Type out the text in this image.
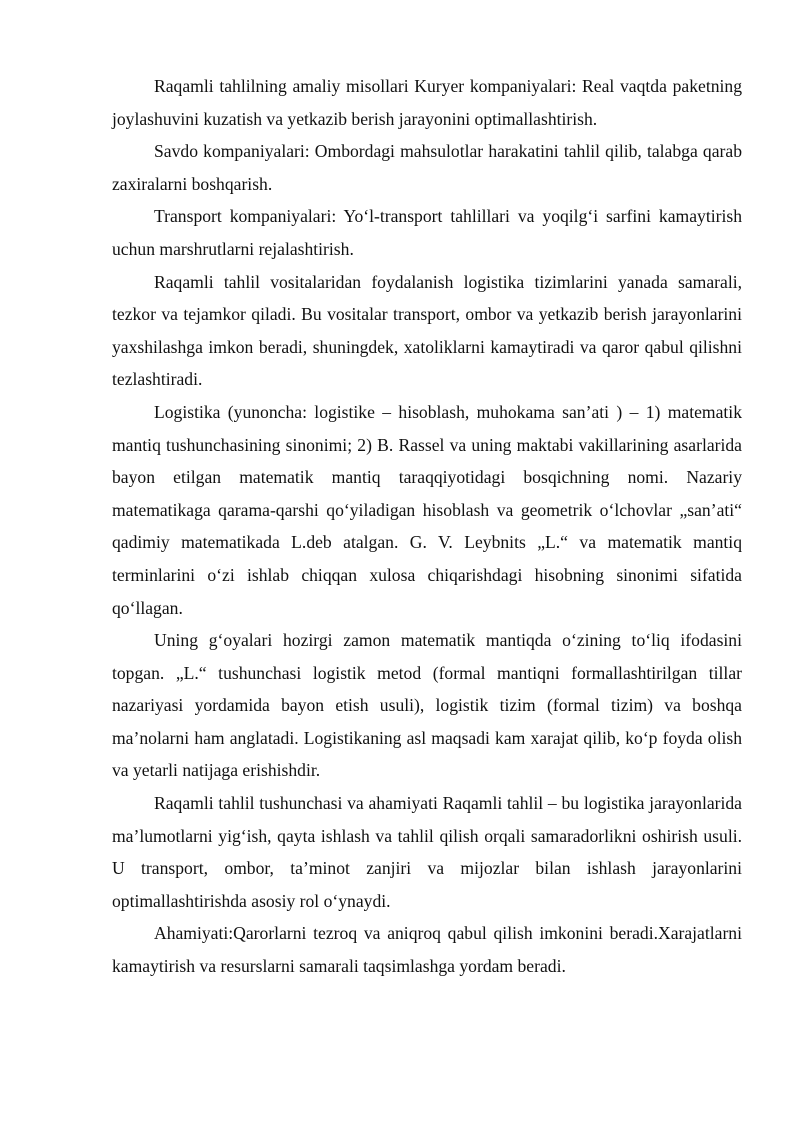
Raqamli tahlilning amaliy misollari Kuryer kompaniyalari: Real vaqtda paketning joylashuvini kuzatish va yetkazib berish jarayonini optimallashtirish.

Savdo kompaniyalari: Ombordagi mahsulotlar harakatini tahlil qilib, talabga qarab zaxiralarni boshqarish.

Transport kompaniyalari: Yo‘l-transport tahlillari va yoqilg‘i sarfini kamaytirish uchun marshrutlarni rejalashtirish.

Raqamli tahlil vositalaridan foydalanish logistika tizimlarini yanada samarali, tezkor va tejamkor qiladi. Bu vositalar transport, ombor va yetkazib berish jarayonlarini yaxshilashga imkon beradi, shuningdek, xatoliklarni kamaytiradi va qaror qabul qilishni tezlashtiradi.

Logistika (yunoncha: logistike – hisoblash, muhokama san’ati ) – 1) matematik mantiq tushunchasining sinonimi; 2) B. Rassel va uning maktabi vakillarining asarlarida bayon etilgan matematik mantiq taraqqiyotidagi bosqichning nomi. Nazariy matematikaga qarama-qarshi qo‘yiladigan hisoblash va geometrik o‘lchovlar „san’ati“ qadimiy matematikada L.deb atalgan. G. V. Leybnits „L.“ va matematik mantiq terminlarini o‘zi ishlab chiqqan xulosa chiqarishdagi hisobning sinonimi sifatida qo‘llagan.

Uning g‘oyalari hozirgi zamon matematik mantiqda o‘zining to‘liq ifodasini topgan. „L.“ tushunchasi logistik metod (formal mantiqni formallashtirilgan tillar nazariyasi yordamida bayon etish usuli), logistik tizim (formal tizim) va boshqa ma’nolarni ham anglatadi. Logistikaning asl maqsadi kam xarajat qilib, ko‘p foyda olish va yetarli natijaga erishishdir.

Raqamli tahlil tushunchasi va ahamiyati Raqamli tahlil – bu logistika jarayonlarida ma’lumotlarni yig‘ish, qayta ishlash va tahlil qilish orqali samaradorlikni oshirish usuli. U transport, ombor, ta’minot zanjiri va mijozlar bilan ishlash jarayonlarini optimallashtirishda asosiy rol o‘ynaydi.

Ahamiyati:Qarorlarni tezroq va aniqroq qabul qilish imkonini beradi.Xarajatlarni kamaytirish va resurslarni samarali taqsimlashga yordam beradi.
